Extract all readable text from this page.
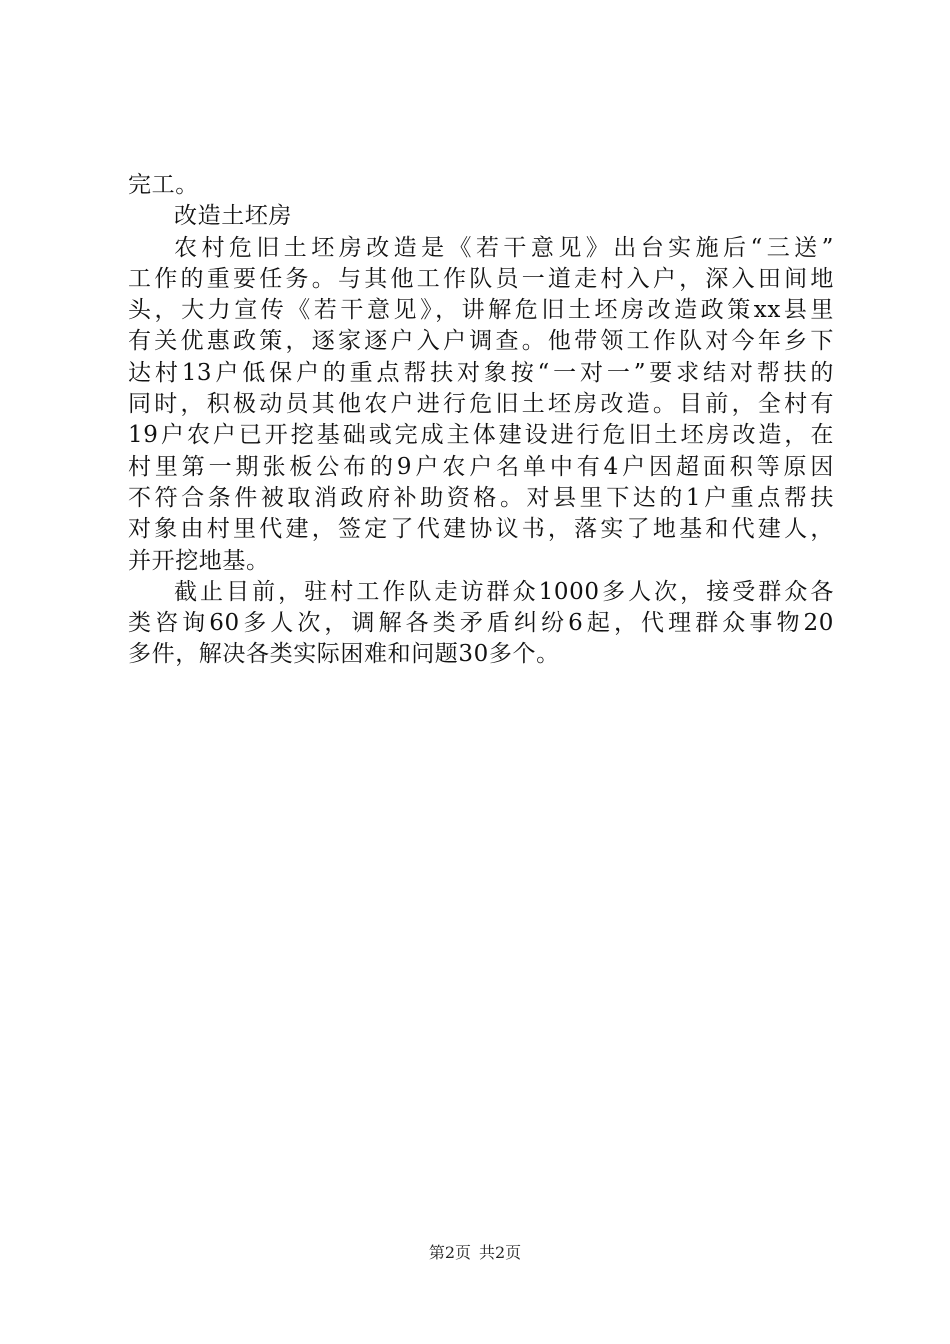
完工。
改造土坯房
农村危旧土坯房改造是《若干意见》出台实施后“三送”
工作的重要任务。与其他工作队员一道走村入户，深入田间地
头，大力宣传《若干意见》，讲解危旧土坯房改造政策xx县里
有关优惠政策，逐家逐户入户调查。他带领工作队对今年乡下
达村13户低保户的重点帮扶对象按“一对一”要求结对帮扶的
同时，积极动员其他农户进行危旧土坯房改造。目前，全村有
19户农户已开挖基础或完成主体建设进行危旧土坯房改造，在
村里第一期张板公布的9户农户名单中有4户因超面积等原因
不符合条件被取消政府补助资格。对县里下达的1户重点帮扶
对象由村里代建，签定了代建协议书，落实了地基和代建人，
并开挖地基。
截止目前，驻村工作队走访群众1000多人次，接受群众各
类咨询60多人次，调解各类矛盾纠纷6起，代理群众事物20
多件，解决各类实际困难和问题30多个。
第2页 共2页
